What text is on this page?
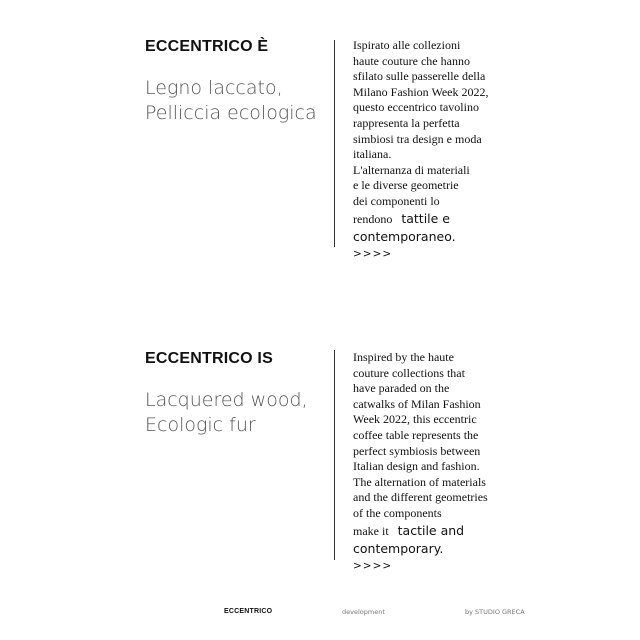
ECCENTRICO È
Legno laccato,
Pelliccia ecologica
Ispirato alle collezioni
haute couture che hanno
sfilato sulle passerelle della
Milano Fashion Week 2022,
questo eccentrico tavolino
rappresenta la perfetta
simbiosi tra design e moda
italiana.
L'alternanza di materiali
e le diverse geometrie
dei componenti lo
rendono tattile e
contemporaneo.
>>>>
ECCENTRICO IS
Lacquered wood,
Ecologic fur
Inspired by the haute
couture collections that
have paraded on the
catwalks of Milan Fashion
Week 2022, this eccentric
coffee table represents the
perfect symbiosis between
Italian design and fashion.
The alternation of materials
and the different geometries
of the components
make it tactile and
contemporary.
>>>>
ECCENTRICO	development	by STUDIO GRECA
